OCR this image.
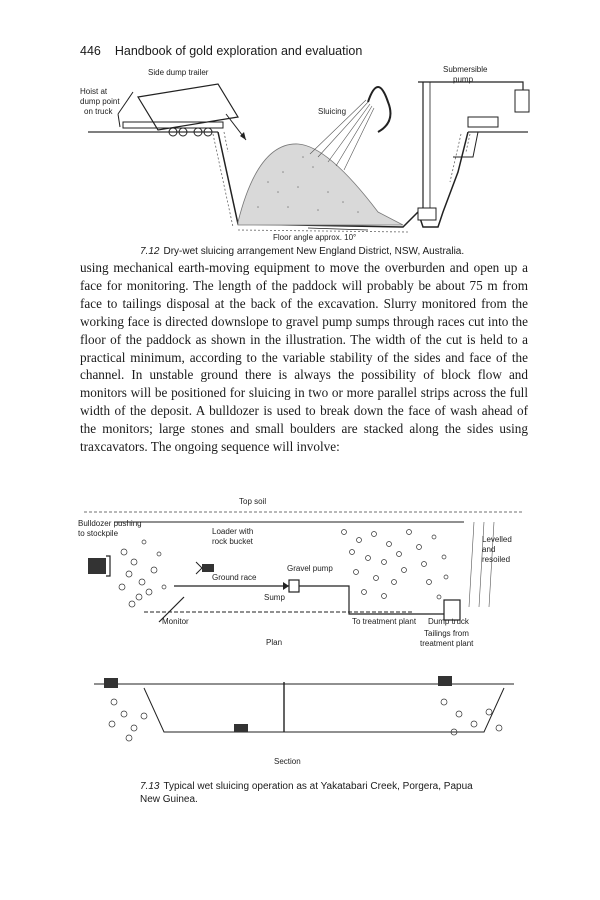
446 Handbook of gold exploration and evaluation
Side dump trailer
Hoist at
dump point
on truck	Sluicing
Submersible
pump
Floor angle approx. 10°
7.12 Dry-wet sluicing arrangement New England District, NSW, Australia.
using mechanical earth-moving equipment to move the overburden and open up a face for monitoring. The length of the paddock will probably be about 75 m from face to tailings disposal at the back of the excavation. Slurry monitored from the working face is directed downslope to gravel pump sumps through races cut into the floor of the paddock as shown in the illustration. The width of the cut is held to a practical minimum, according to the variable stability of the sides and face of the channel. In unstable ground there is always the possibility of block flow and monitors will be positioned for sluicing in two or more parallel strips across the full width of the deposit. A bulldozer is used to break down the face of wash ahead of the monitors; large stones and small boulders are stacked along the sides using traxcavators. The ongoing sequence will involve:
Top soil
Bulldozer pushing
to stockpile	Loader with
rock bucket
Gravel pump
Levelled
and
resoiled
Ground race
Sump
Monitor	To treatment plant Dump truck
Tailings from
treatment plant
Plan
Section
7.13 Typical wet sluicing operation as at Yakatabari Creek, Porgera, Papua
New Guinea.
